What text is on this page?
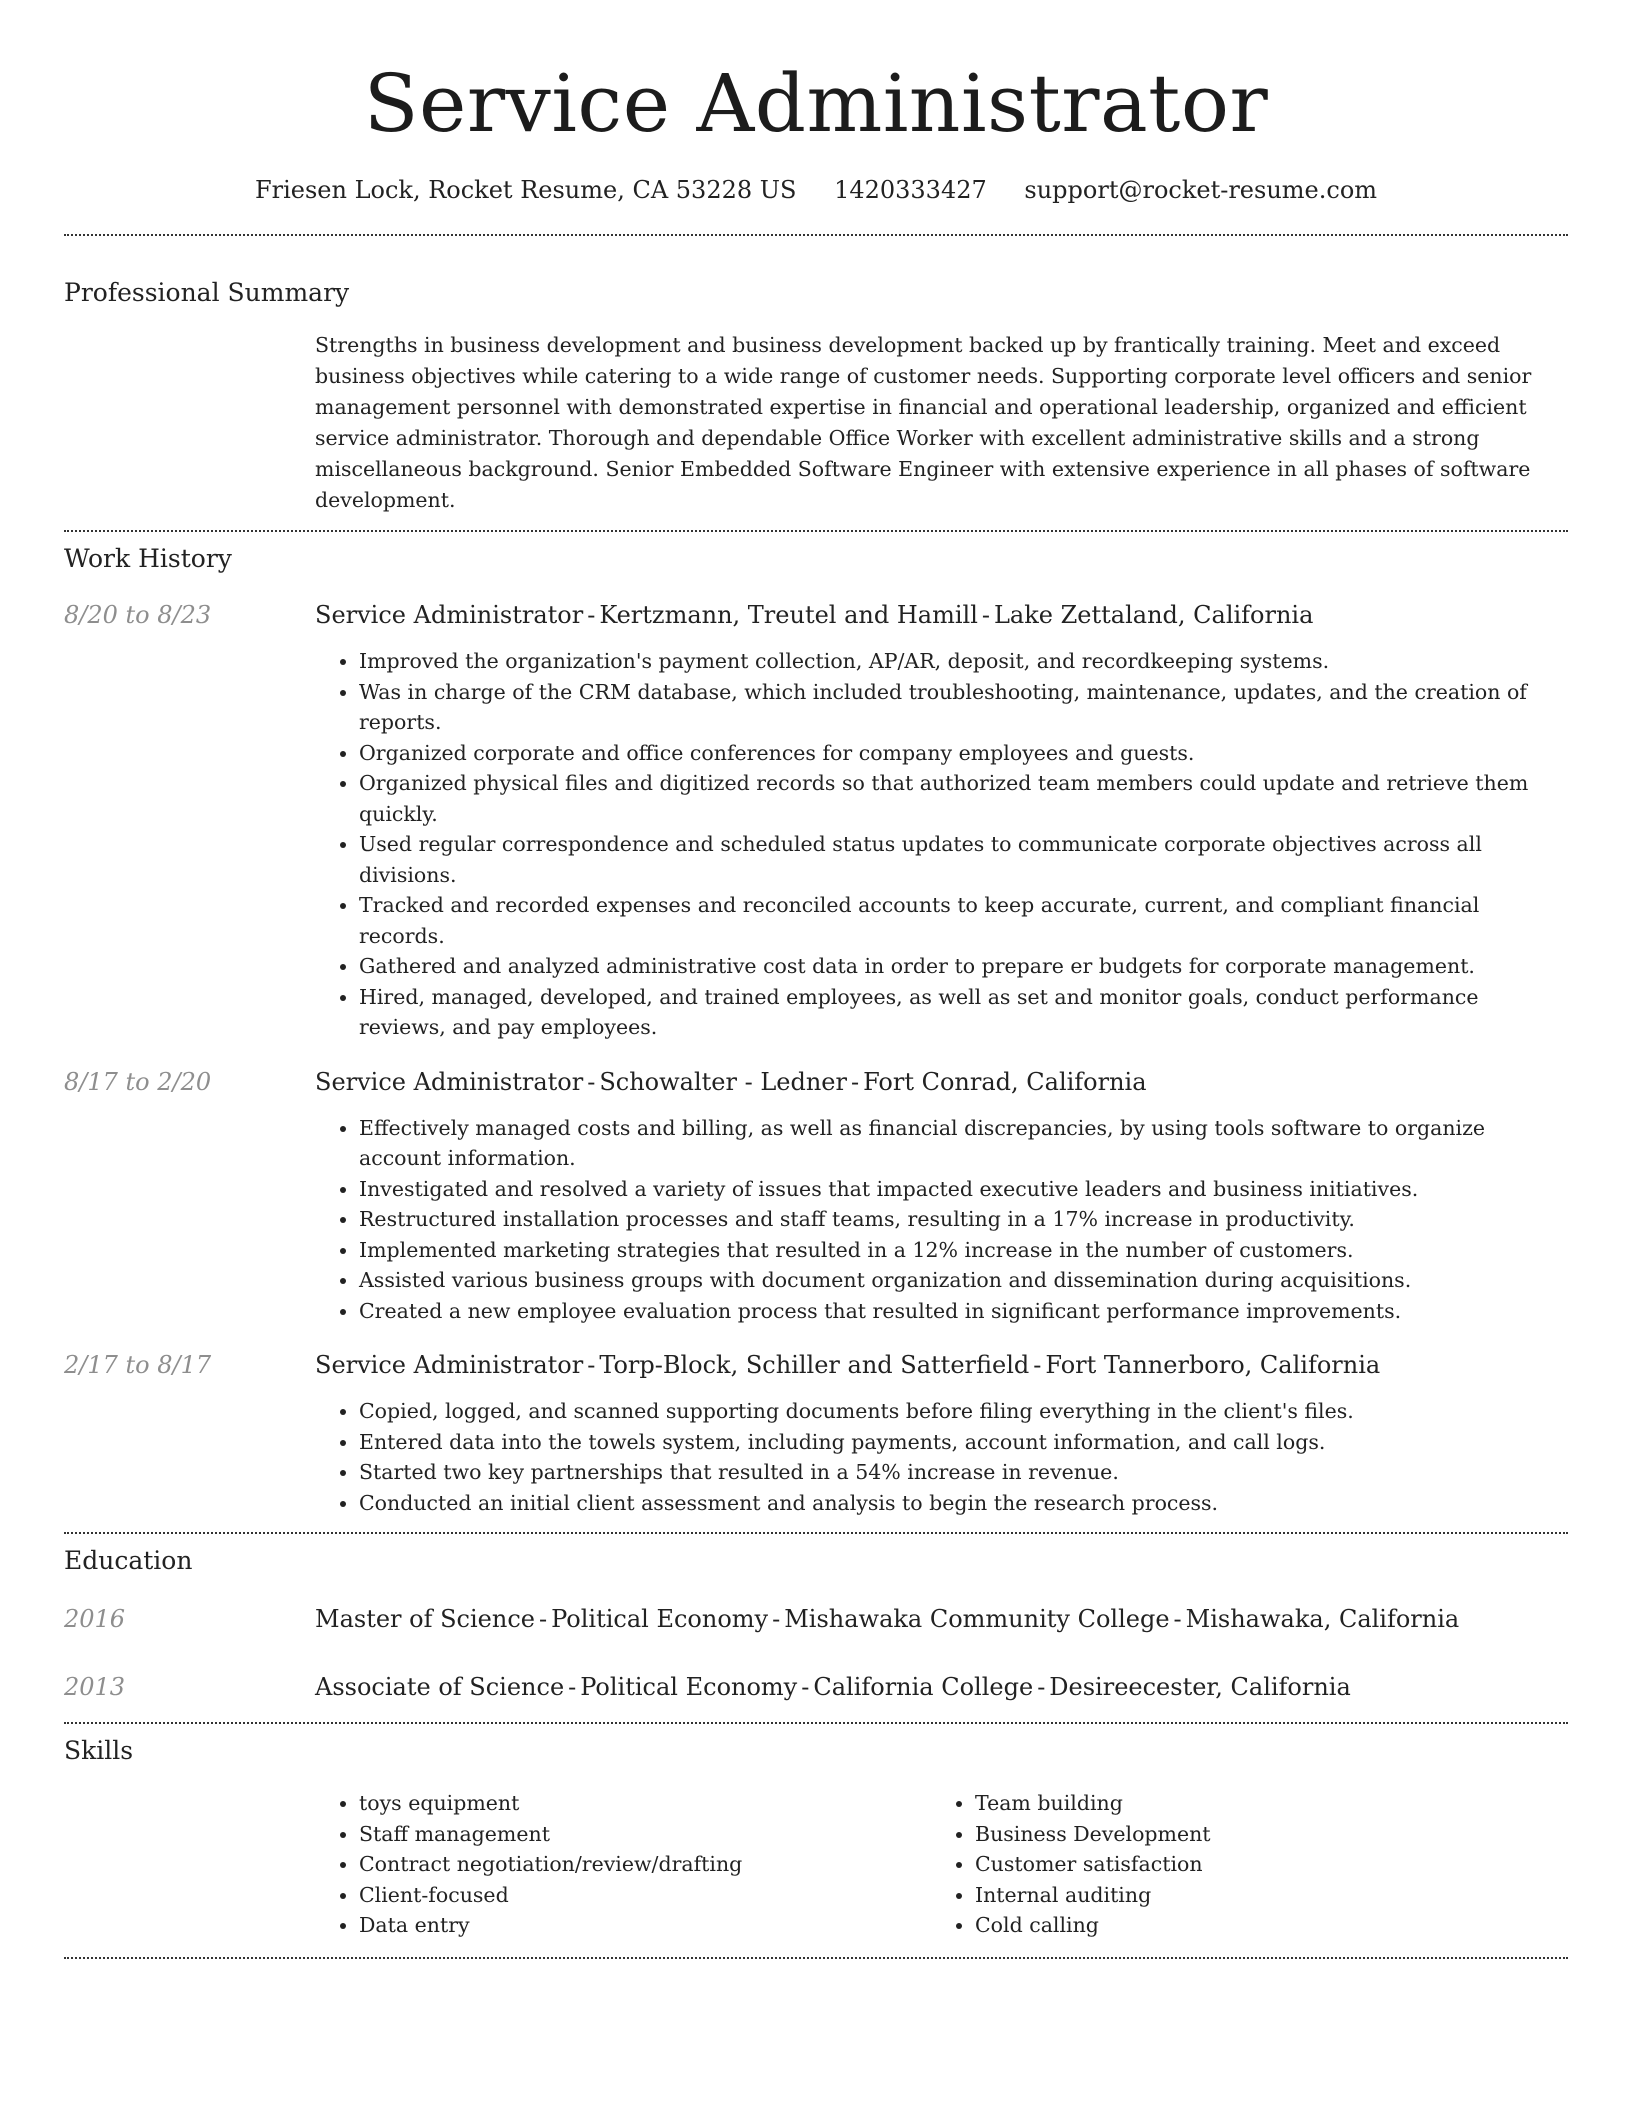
Service Administrator
Friesen Lock, Rocket Resume, CA 53228 US 1420333427 support@rocket-resume.com
Professional Summary
Strengths in business development and business development backed up by frantically training. Meet and exceed business objectives while catering to a wide range of customer needs. Supporting corporate level officers and senior management personnel with demonstrated expertise in financial and operational leadership, organized and efficient service administrator. Thorough and dependable Office Worker with excellent administrative skills and a strong miscellaneous background. Senior Embedded Software Engineer with extensive experience in all phases of software development.
Work History
8/20 to 8/23	Service Administrator - Kertzmann, Treutel and Hamill - Lake Zettaland, California
• Improved the organization's payment collection, AP/AR, deposit, and recordkeeping systems.
• Was in charge of the CRM database, which included troubleshooting, maintenance, updates, and the creation of reports.
• Organized corporate and office conferences for company employees and guests.
• Organized physical files and digitized records so that authorized team members could update and retrieve them quickly.
• Used regular correspondence and scheduled status updates to communicate corporate objectives across all divisions.
• Tracked and recorded expenses and reconciled accounts to keep accurate, current, and compliant financial records.
• Gathered and analyzed administrative cost data in order to prepare er budgets for corporate management.
• Hired, managed, developed, and trained employees, as well as set and monitor goals, conduct performance reviews, and pay employees.
8/17 to 2/20	Service Administrator - Schowalter - Ledner - Fort Conrad, California
• Effectively managed costs and billing, as well as financial discrepancies, by using tools software to organize account information.
• Investigated and resolved a variety of issues that impacted executive leaders and business initiatives.
• Restructured installation processes and staff teams, resulting in a 17% increase in productivity.
• Implemented marketing strategies that resulted in a 12% increase in the number of customers.
• Assisted various business groups with document organization and dissemination during acquisitions.
• Created a new employee evaluation process that resulted in significant performance improvements.
2/17 to 8/17	Service Administrator - Torp-Block, Schiller and Satterfield - Fort Tannerboro, California
• Copied, logged, and scanned supporting documents before filing everything in the client's files.
• Entered data into the towels system, including payments, account information, and call logs.
• Started two key partnerships that resulted in a 54% increase in revenue.
• Conducted an initial client assessment and analysis to begin the research process.
Education
2016	Master of Science - Political Economy - Mishawaka Community College - Mishawaka, California
2013	Associate of Science - Political Economy - California College - Desireecester, California
Skills
• toys equipment
• Staff management
• Contract negotiation/review/drafting
• Client-focused
• Data entry
• Team building
• Business Development
• Customer satisfaction
• Internal auditing
• Cold calling
